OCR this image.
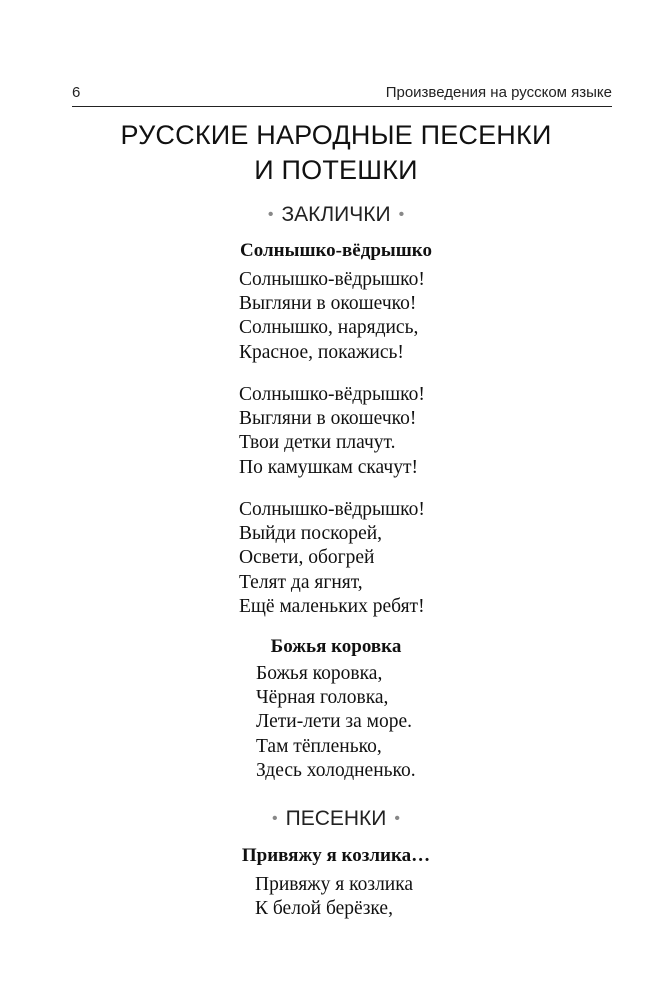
6	Произведения на русском языке
РУССКИЕ НАРОДНЫЕ ПЕСЕНКИ
И ПОТЕШКИ
• ЗАКЛИЧКИ •
Солнышко-вёдрышко
Солнышко-вёдрышко!
Выгляни в окошечко!
Солнышко, нарядись,
Красное, покажись!
Солнышко-вёдрышко!
Выгляни в окошечко!
Твои детки плачут.
По камушкам скачут!
Солнышко-вёдрышко!
Выйди поскорей,
Освети, обогрей
Телят да ягнят,
Ещё маленьких ребят!
Божья коровка
Божья коровка,
Чёрная головка,
Лети-лети за море.
Там тёпленько,
Здесь холодненько.
• ПЕСЕНКИ •
Привяжу я козлика…
Привяжу я козлика
К белой берёзке,
